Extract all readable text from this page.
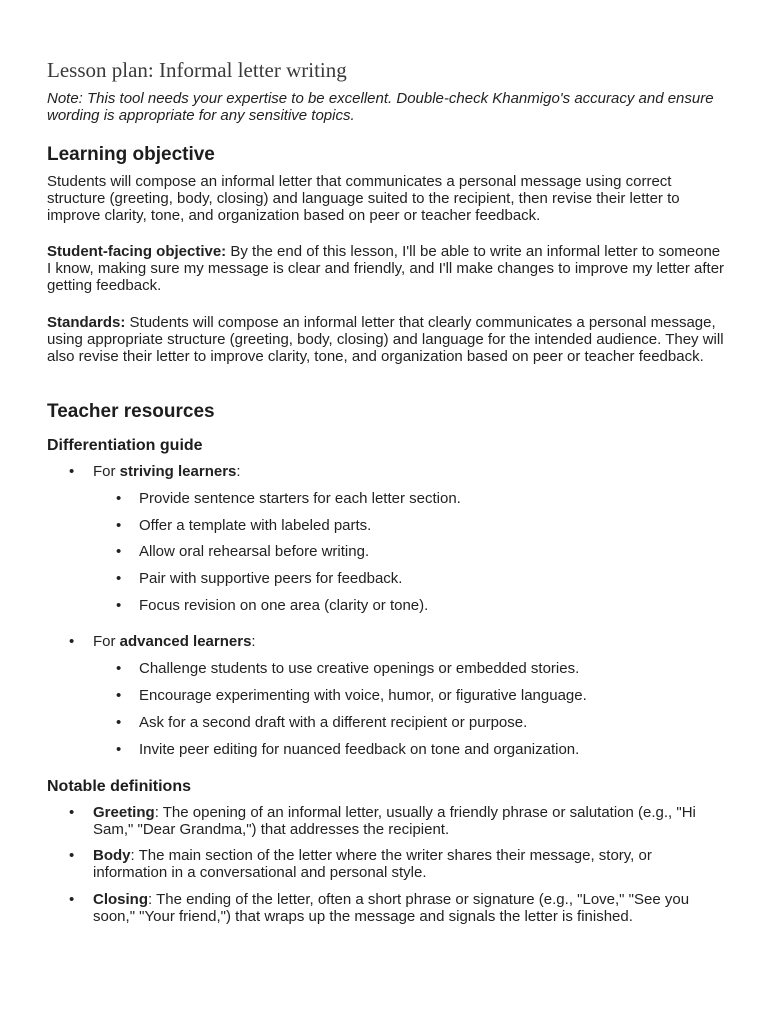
Lesson plan: Informal letter writing

Note: This tool needs your expertise to be excellent. Double-check Khanmigo's accuracy and ensure wording is appropriate for any sensitive topics.

Learning objective

Students will compose an informal letter that communicates a personal message using correct structure (greeting, body, closing) and language suited to the recipient, then revise their letter to improve clarity, tone, and organization based on peer or teacher feedback.

Student-facing objective: By the end of this lesson, I'll be able to write an informal letter to someone I know, making sure my message is clear and friendly, and I'll make changes to improve my letter after getting feedback.

Standards: Students will compose an informal letter that clearly communicates a personal message, using appropriate structure (greeting, body, closing) and language for the intended audience. They will also revise their letter to improve clarity, tone, and organization based on peer or teacher feedback.

Teacher resources
Differentiation guide
• For striving learners:
• Provide sentence starters for each letter section.
• Offer a template with labeled parts.
• Allow oral rehearsal before writing.
• Pair with supportive peers for feedback.
• Focus revision on one area (clarity or tone).
• For advanced learners:
• Challenge students to use creative openings or embedded stories.
• Encourage experimenting with voice, humor, or figurative language.
• Ask for a second draft with a different recipient or purpose.
• Invite peer editing for nuanced feedback on tone and organization.
Notable definitions
• Greeting: The opening of an informal letter, usually a friendly phrase or salutation (e.g., "Hi Sam," "Dear Grandma,") that addresses the recipient.
• Body: The main section of the letter where the writer shares their message, story, or information in a conversational and personal style.
• Closing: The ending of the letter, often a short phrase or signature (e.g., "Love," "See you soon," "Your friend,") that wraps up the message and signals the letter is finished.
